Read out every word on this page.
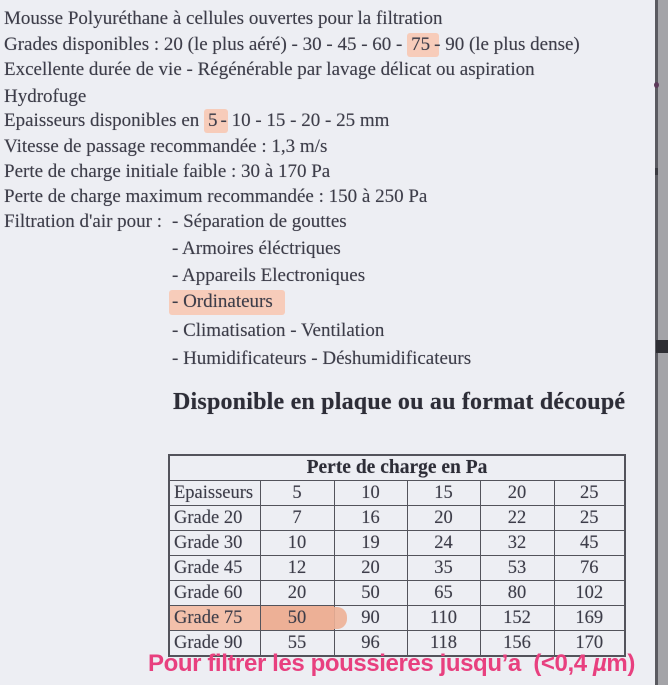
Mousse Polyuréthane à cellules ouvertes pour la filtration
Grades disponibles : 20 (le plus aéré) - 30 - 45 - 60 - 75 - 90 (le plus dense)
Excellente durée de vie - Régénérable par lavage délicat ou aspiration
Hydrofuge
Epaisseurs disponibles en 5 - 10 - 15 - 20 - 25 mm
Vitesse de passage recommandée : 1,3 m/s
Perte de charge initiale faible : 30 à 170 Pa
Perte de charge maximum recommandée : 150 à 250 Pa
Filtration d'air pour : - Séparation de gouttes
- Armoires éléctriques
- Appareils Electroniques
- Ordinateurs
- Climatisation - Ventilation
- Humidificateurs - Déshumidificateurs
Disponible en plaque ou au format découpé
Perte de charge en Pa					
Epaisseurs	5	10	15	20	25
Grade 20	7	16	20	22	25
Grade 30	10	19	24	32	45
Grade 45	12	20	35	53	76
Grade 60	20	50	65	80	102
Grade 75	50	90	110	152	169
Grade 90	55	96	118	156	170
Pour filtrer les poussieres jusqu’a  (<0,4 µm)
